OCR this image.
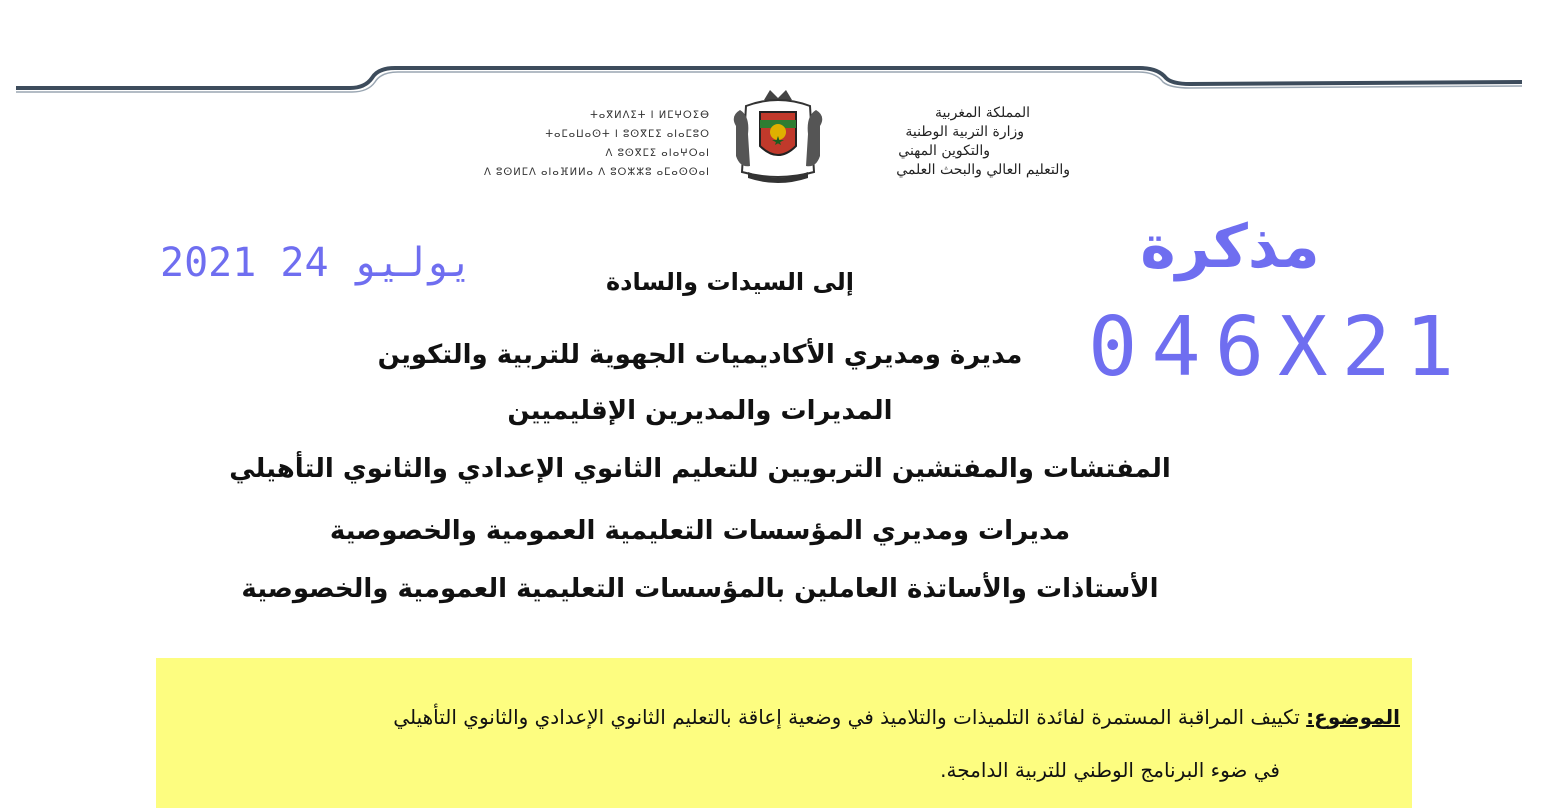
المملكة المغربية
وزارة التربية الوطنية
والتكوين المهني
والتعليم العالي والبحث العلمي
ⵜⴰⴳⵍⴷⵉⵜ ⵏ ⵍⵎⵖⵔⵉⴱ
ⵜⴰⵎⴰⵡⴰⵙⵜ ⵏ ⵓⵙⴳⵎⵉ ⴰⵏⴰⵎⵓⵔ
ⴷ ⵓⵙⴳⵎⵉ ⴰⵏⴰⵖⵔⴰⵏ
ⴷ ⵓⵙⵍⵎⴷ ⴰⵏⴰⴼⵍⵍⴰ ⴷ ⵓⵔⵣⵣⵓ ⴰⵎⴰⵙⵙⴰⵏ
2021 يوليو 24	مذكرة
046X21
إلى السيدات والسادة
مديرة ومديري الأكاديميات الجهوية للتربية والتكوين
المديرات والمديرين الإقليميين
المفتشات والمفتشين التربويين للتعليم الثانوي الإعدادي والثانوي التأهيلي
مديرات ومديري المؤسسات التعليمية العمومية والخصوصية
الأستاذات والأساتذة العاملين بالمؤسسات التعليمية العمومية والخصوصية
الموضوع: تكييف المراقبة المستمرة لفائدة التلميذات والتلاميذ في وضعية إعاقة بالتعليم الثانوي الإعدادي والثانوي التأهيلي
في ضوء البرنامج الوطني للتربية الدامجة.
